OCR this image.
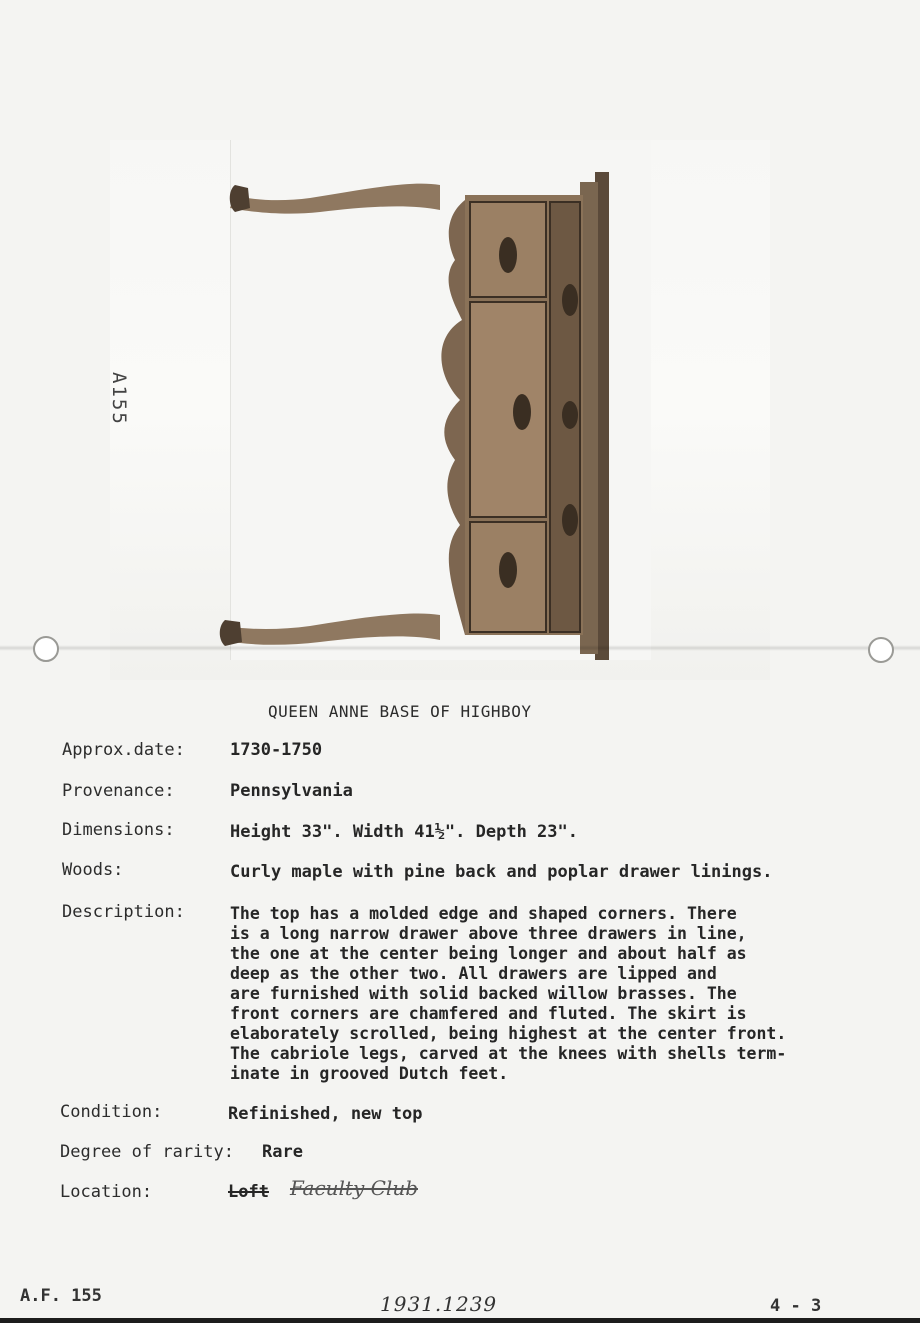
A155
QUEEN ANNE BASE OF HIGHBOY
Approx.date:	1730-1750
Provenance:	Pennsylvania
Dimensions:	Height 33". Width 41½". Depth 23".
Woods:	Curly maple with pine back and poplar drawer linings.
Description:	The top has a molded edge and shaped corners. There
is a long narrow drawer above three drawers in line,
the one at the center being longer and about half as
deep as the other two. All drawers are lipped and
are furnished with solid backed willow brasses. The
front corners are chamfered and fluted. The skirt is
elaborately scrolled, being highest at the center front.
The cabriole legs, carved at the knees with shells term-
inate in grooved Dutch feet.
Condition:	Refinished, new top
Degree of rarity: Rare
Location:	Loft Faculty Club
A.F. 155	1931.1239	4 - 3
